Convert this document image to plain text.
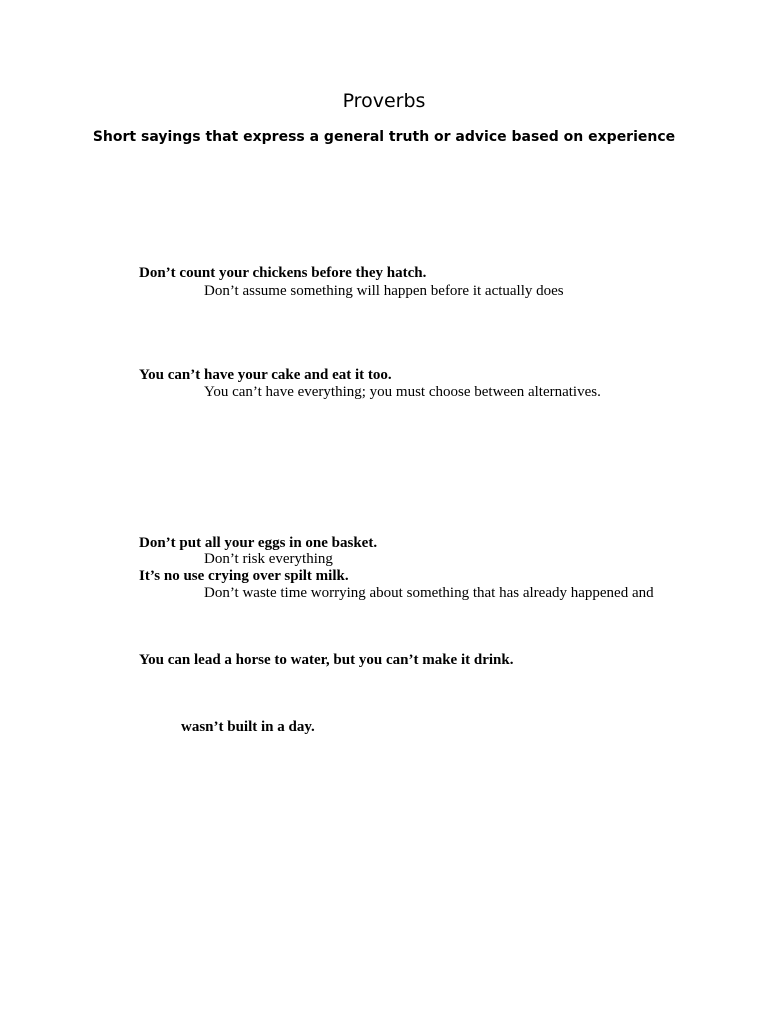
Proverbs
Short sayings that express a general truth or advice based on experience
Don’t count your chickens before they hatch.
Don’t assume something will happen before it actually does
You can’t have your cake and eat it too.
You can’t have everything; you must choose between alternatives.
Don’t put all your eggs in one basket.
Don’t risk everything
It’s no use crying over spilt milk.
Don’t waste time worrying about something that has already happened and
You can lead a horse to water, but you can’t make it drink.
wasn’t built in a day.
